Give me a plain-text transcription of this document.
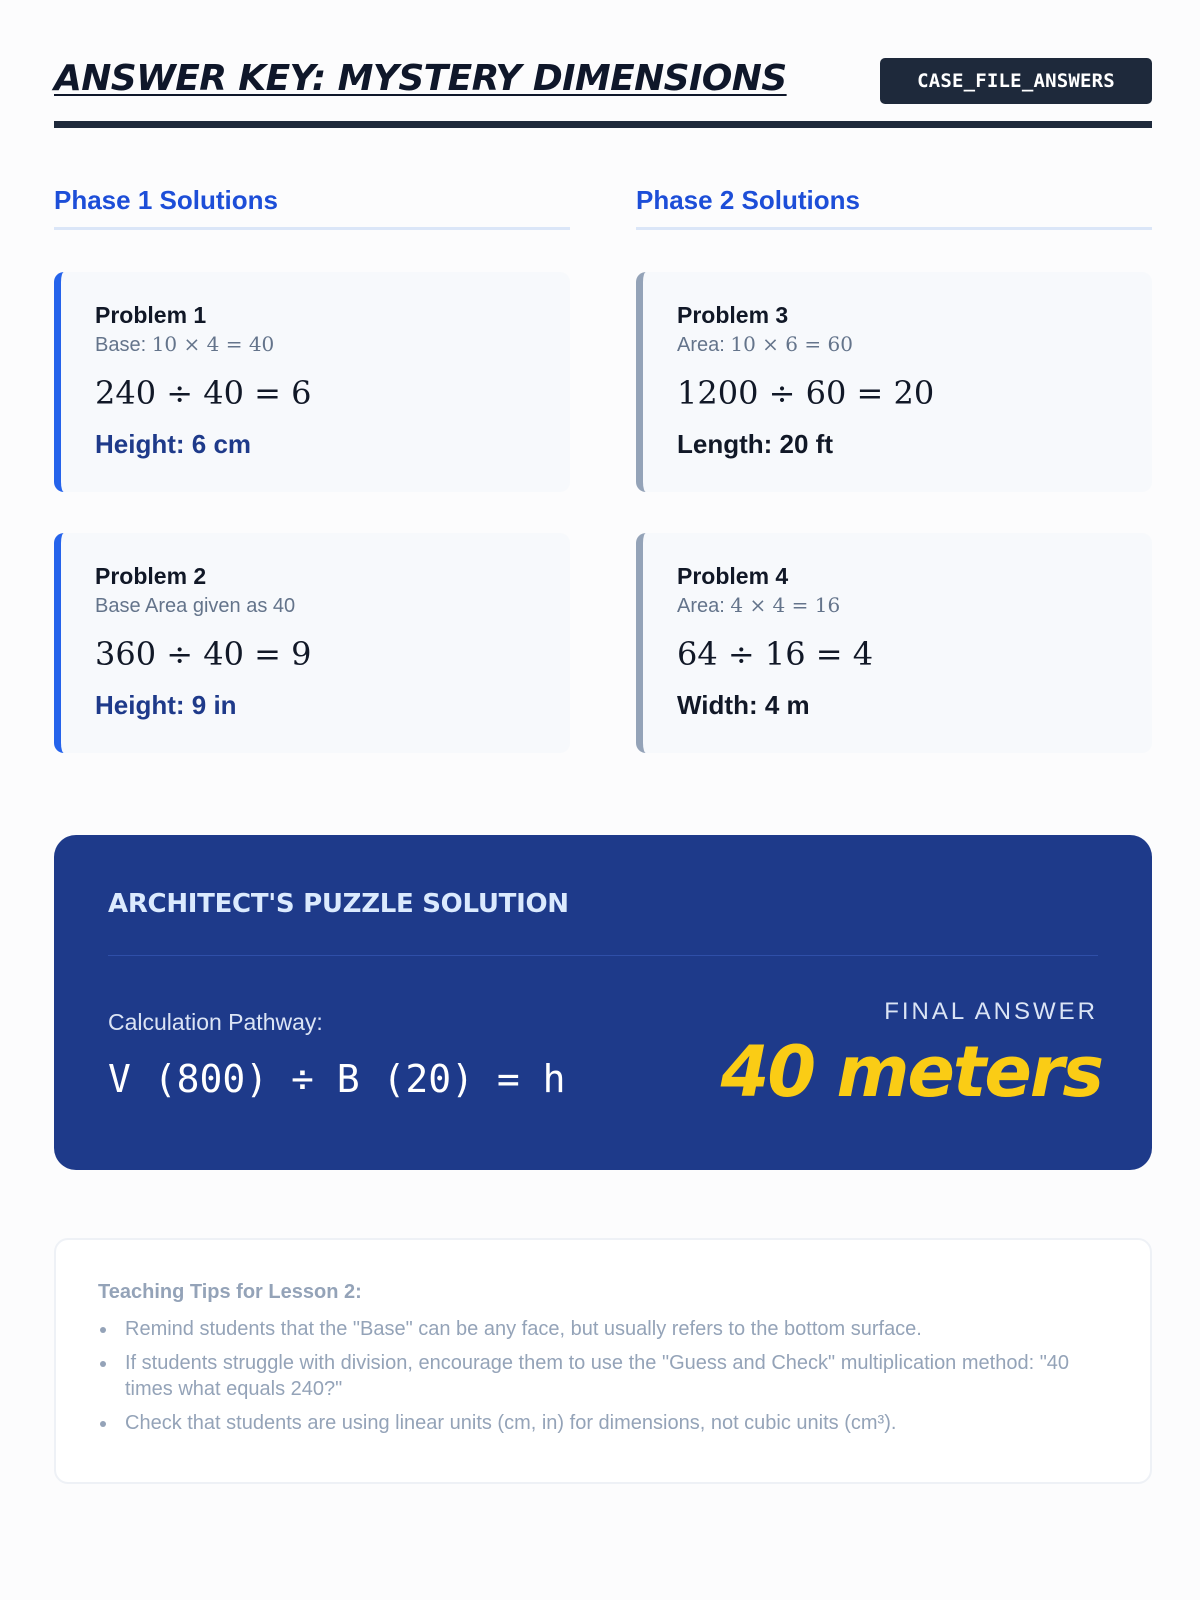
ANSWER KEY: MYSTERY DIMENSIONS	CASE_FILE_ANSWERS
Phase 1 Solutions	Phase 2 Solutions
Problem 1
Base: 10 × 4 = 40
240 ÷ 40 = 6
Height: 6 cm
Problem 2
Base Area given as 40
360 ÷ 40 = 9
Height: 9 in
Problem 3
Area: 10 × 6 = 60
1200 ÷ 60 = 20
Length: 20 ft
Problem 4
Area: 4 × 4 = 16
64 ÷ 16 = 4
Width: 4 m
ARCHITECT'S PUZZLE SOLUTION
Calculation Pathway:
V (800) ÷ B (20) = h
FINAL ANSWER
40 meters
Teaching Tips for Lesson 2:
Remind students that the "Base" can be any face, but usually refers to the bottom surface.
If students struggle with division, encourage them to use the "Guess and Check" multiplication method: "40 times what equals 240?"
Check that students are using linear units (cm, in) for dimensions, not cubic units (cm³).
